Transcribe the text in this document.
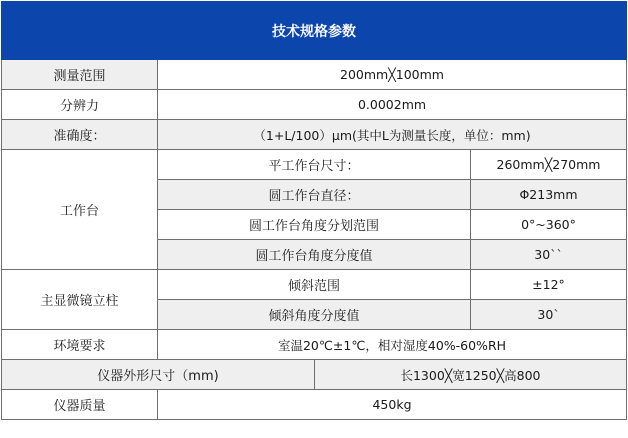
技术规格参数			
测量范围	200mm╳100mm		
分辨力	0.0002mm		
准确度：	（1+L/100）μm(其中L为测量长度，单位：mm)		
工作台	平工作台尺寸：		260mm╳270mm
	圆工作台直径：		Φ213mm
	圆工作台角度分划范围		0°~360°
	圆工作台角度分度值		30``
主显微镜立柱	倾斜范围		±12°
	倾斜角度分度值		30`
环境要求	室温20℃±1℃，相对湿度40%-60%RH		
仪器外形尺寸（mm)		长1300╳宽1250╳高800	
仪器质量	450kg		
